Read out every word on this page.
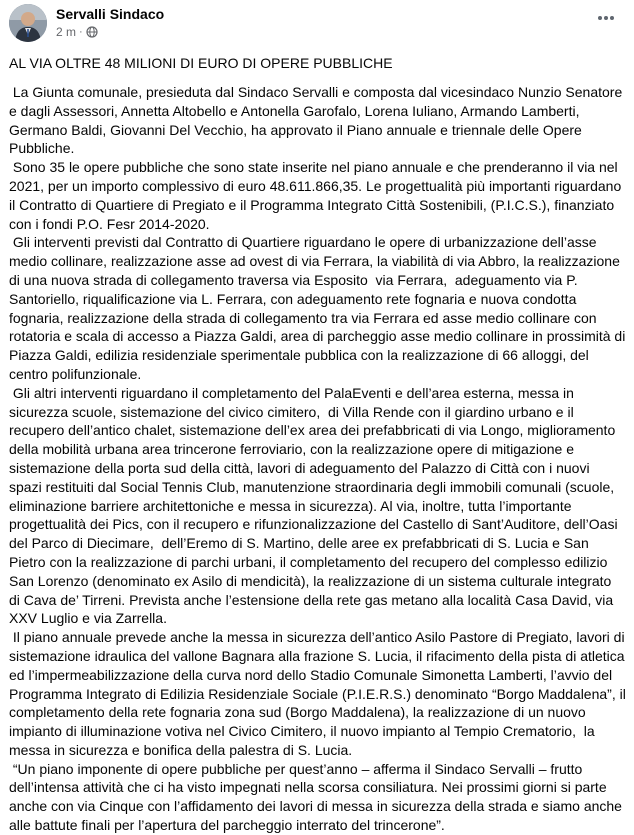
Servalli Sindaco
2 m ·
AL VIA OLTRE 48 MILIONI DI EURO DI OPERE PUBBLICHE

La Giunta comunale, presieduta dal Sindaco Servalli e composta dal vicesindaco Nunzio Senatore e dagli Assessori, Annetta Altobello e Antonella Garofalo, Lorena Iuliano, Armando Lamberti, Germano Baldi, Giovanni Del Vecchio, ha approvato il Piano annuale e triennale delle Opere Pubbliche.

Sono 35 le opere pubbliche che sono state inserite nel piano annuale e che prenderanno il via nel 2021, per un importo complessivo di euro 48.611.866,35. Le progettualità più importanti riguardano il Contratto di Quartiere di Pregiato e il Programma Integrato Città Sostenibili, (P.I.C.S.), finanziato con i fondi P.O. Fesr 2014-2020.

Gli interventi previsti dal Contratto di Quartiere riguardano le opere di urbanizzazione dell’asse medio collinare, realizzazione asse ad ovest di via Ferrara, la viabilità di via Abbro, la realizzazione di una nuova strada di collegamento traversa via Esposito  via Ferrara,  adeguamento via P. Santoriello, riqualificazione via L. Ferrara, con adeguamento rete fognaria e nuova condotta fognaria, realizzazione della strada di collegamento tra via Ferrara ed asse medio collinare con rotatoria e scala di accesso a Piazza Galdi, area di parcheggio asse medio collinare in prossimità di Piazza Galdi, edilizia residenziale sperimentale pubblica con la realizzazione di 66 alloggi, del centro polifunzionale.

Gli altri interventi riguardano il completamento del PalaEventi e dell’area esterna, messa in sicurezza scuole, sistemazione del civico cimitero,  di Villa Rende con il giardino urbano e il recupero dell’antico chalet, sistemazione dell’ex area dei prefabbricati di via Longo, miglioramento della mobilità urbana area trincerone ferroviario, con la realizzazione opere di mitigazione e sistemazione della porta sud della città, lavori di adeguamento del Palazzo di Città con i nuovi spazi restituiti dal Social Tennis Club, manutenzione straordinaria degli immobili comunali (scuole, eliminazione barriere architettoniche e messa in sicurezza). Al via, inoltre, tutta l’importante progettualità dei Pics, con il recupero e rifunzionalizzazione del Castello di Sant’Auditore, dell’Oasi del Parco di Diecimare,  dell’Eremo di S. Martino, delle aree ex prefabbricati di S. Lucia e San Pietro con la realizzazione di parchi urbani, il completamento del recupero del complesso edilizio San Lorenzo (denominato ex Asilo di mendicità), la realizzazione di un sistema culturale integrato di Cava de’ Tirreni. Prevista anche l’estensione della rete gas metano alla località Casa David, via XXV Luglio e via Zarrella.

Il piano annuale prevede anche la messa in sicurezza dell’antico Asilo Pastore di Pregiato, lavori di sistemazione idraulica del vallone Bagnara alla frazione S. Lucia, il rifacimento della pista di atletica ed l’impermeabilizzazione della curva nord dello Stadio Comunale Simonetta Lamberti, l’avvio del Programma Integrato di Edilizia Residenziale Sociale (P.I.E.R.S.) denominato “Borgo Maddalena”, il completamento della rete fognaria zona sud (Borgo Maddalena), la realizzazione di un nuovo impianto di illuminazione votiva nel Civico Cimitero, il nuovo impianto al Tempio Crematorio,  la messa in sicurezza e bonifica della palestra di S. Lucia.

“Un piano imponente di opere pubbliche per quest’anno – afferma il Sindaco Servalli – frutto dell’intensa attività che ci ha visto impegnati nella scorsa consiliatura. Nei prossimi giorni si parte anche con via Cinque con l’affidamento dei lavori di messa in sicurezza della strada e siamo anche alle battute finali per l’apertura del parcheggio interrato del trincerone”.
